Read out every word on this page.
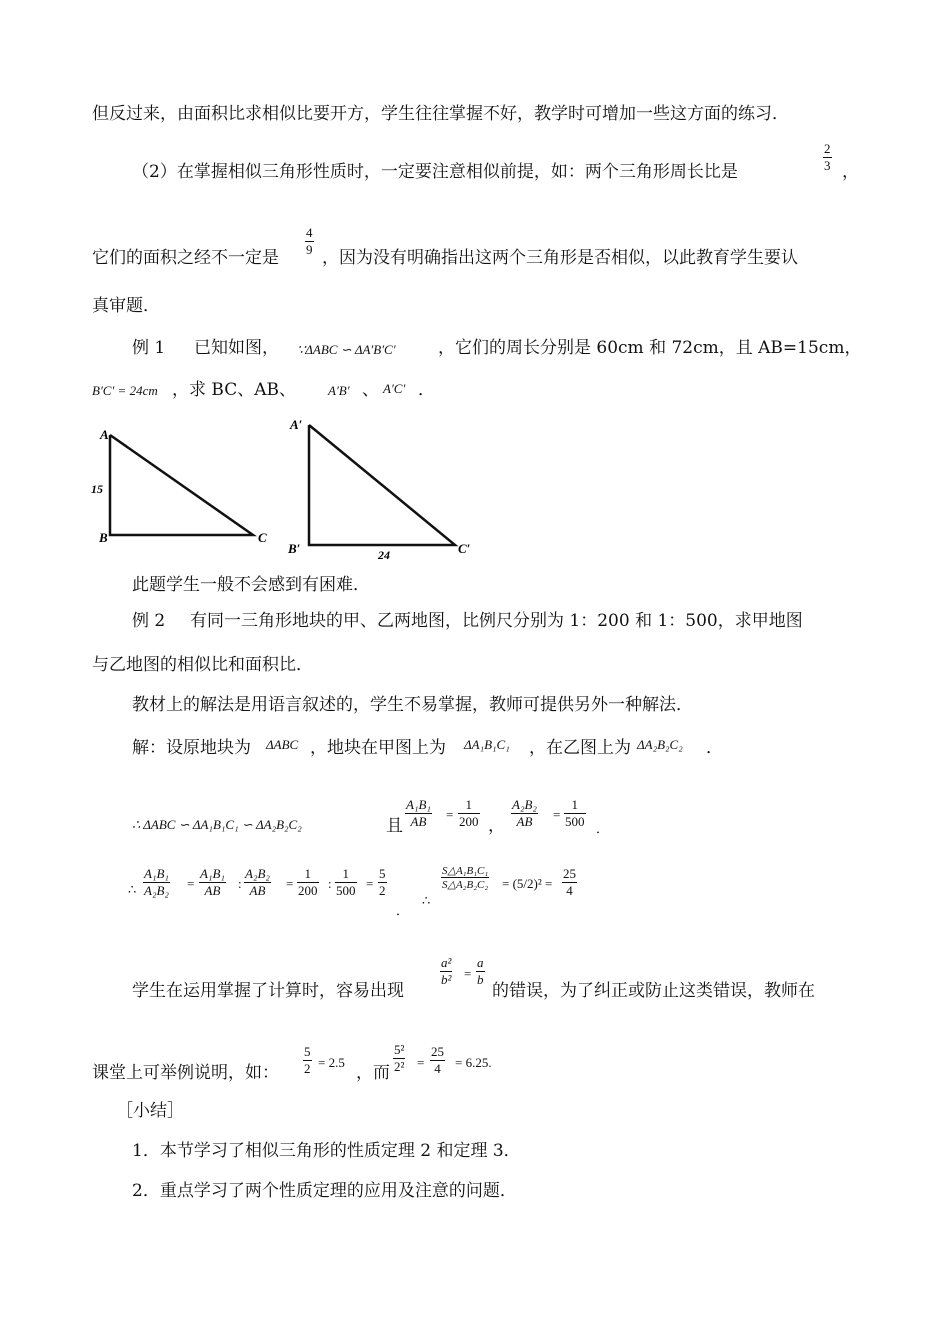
但反过来，由面积比求相似比要开方，学生往往掌握不好，教学时可增加一些这方面的练习．
（2）在掌握相似三角形性质时，一定要注意相似前提，如：两个三角形周长比是	$\frac{2}{3}$ ，
它们的面积之经不一定是 $\frac{4}{9}$ ，因为没有明确指出这两个三角形是否相似，以此教育学生要认
真审题．
例 1 已知如图， ∵ΔABC ∽ ΔA′B′C′ ，它们的周长分别是 60cm 和 72cm，且 AB=15cm，
B′C′ = 24cm ，求 BC、AB、 A′B′ 、 A′C′ ．
A
B	C
15
A′
B′	C′
24
此题学生一般不会感到有困难．
例 2 有同一三角形地块的甲、乙两地图，比例尺分别为 1：200 和 1：500，求甲地图
与乙地图的相似比和面积比．
教材上的解法是用语言叙述的，学生不易掌握，教师可提供另外一种解法．
解：设原地块为 ΔABC ，地块在甲图上为 ΔA₁B₁C₁ ，在乙图上为 ΔA₂B₂C₂ ．
∴ ΔABC ∽ ΔA₁B₁C₁ ∽ ΔA₂B₂C₂	且 $\frac{\text{A₁B₁}}{AB} = \frac{1}{200}$ ， $\frac{\text{A₂B₂}}{AB} = \frac{1}{500}$ ．
∴ $\frac{\text{A₁B₁}}{\text{A₂B₂}} = \frac{\text{A₁B₁}}{AB}$ : $\frac{\text{A₂B₂}}{AB} = \frac{1}{200}$ : $\frac{1}{500} = \frac{5}{2}$
．
∴
$\frac{\text{S△A₁B₁C₁}}{\text{S△A₂B₂C₂}} = (5/2)^2 = \frac{25}{4}$
学生在运用掌握了计算时，容易出现
$\frac{\text{a²}}{\text{b²}} = \frac{a}{b}$
的错误，为了纠正或防止这类错误，教师在
课堂上可举例说明，如： $\frac{5}{2} = 2.5$
，而 $\frac{\text{5²}}{\text{2²}} = \frac{25}{4} = 6.25$.
［小结］
1．本节学习了相似三角形的性质定理 2 和定理 3．
2．重点学习了两个性质定理的应用及注意的问题．
